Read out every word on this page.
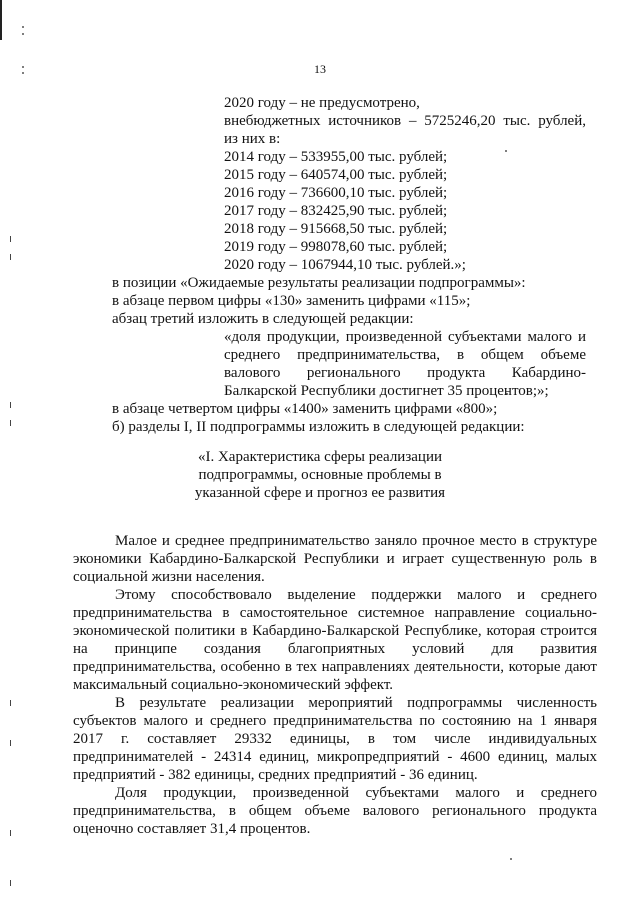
13
2020 году – не предусмотрено,
внебюджетных источников – 5725246,20 тыс. рублей,
из них в:
2014 году – 533955,00 тыс. рублей;
2015 году – 640574,00 тыс. рублей;
2016 году – 736600,10 тыс. рублей;
2017 году – 832425,90 тыс. рублей;
2018 году – 915668,50 тыс. рублей;
2019 году – 998078,60 тыс. рублей;
2020 году – 1067944,10 тыс. рублей.»;
в позиции «Ожидаемые результаты реализации подпрограммы»:
в абзаце первом цифры «130» заменить цифрами «115»;
абзац третий изложить в следующей редакции:
«доля продукции, произведенной субъектами малого и
среднего предпринимательства, в общем объеме
валового регионального продукта Кабардино-
Балкарской Республики достигнет 35 процентов;»;
в абзаце четвертом цифры «1400» заменить цифрами «800»;
б) разделы I, II подпрограммы изложить в следующей редакции:
«I. Характеристика сферы реализации
подпрограммы, основные проблемы в
указанной сфере и прогноз ее развития
Малое и среднее предпринимательство заняло прочное место в структуре
экономики Кабардино-Балкарской Республики и играет существенную роль в
социальной жизни населения.
Этому способствовало выделение поддержки малого и среднего
предпринимательства в самостоятельное системное направление социально-
экономической политики в Кабардино-Балкарской Республике, которая строится
на принципе создания благоприятных условий для развития
предпринимательства, особенно в тех направлениях деятельности, которые дают
максимальный социально-экономический эффект.
В результате реализации мероприятий подпрограммы численность
субъектов малого и среднего предпринимательства по состоянию на 1 января
2017 г. составляет 29332 единицы, в том числе индивидуальных
предпринимателей - 24314 единиц, микропредприятий - 4600 единиц, малых
предприятий - 382 единицы, средних предприятий - 36 единиц.
Доля продукции, произведенной субъектами малого и среднего
предпринимательства, в общем объеме валового регионального продукта
оценочно составляет 31,4 процентов.
